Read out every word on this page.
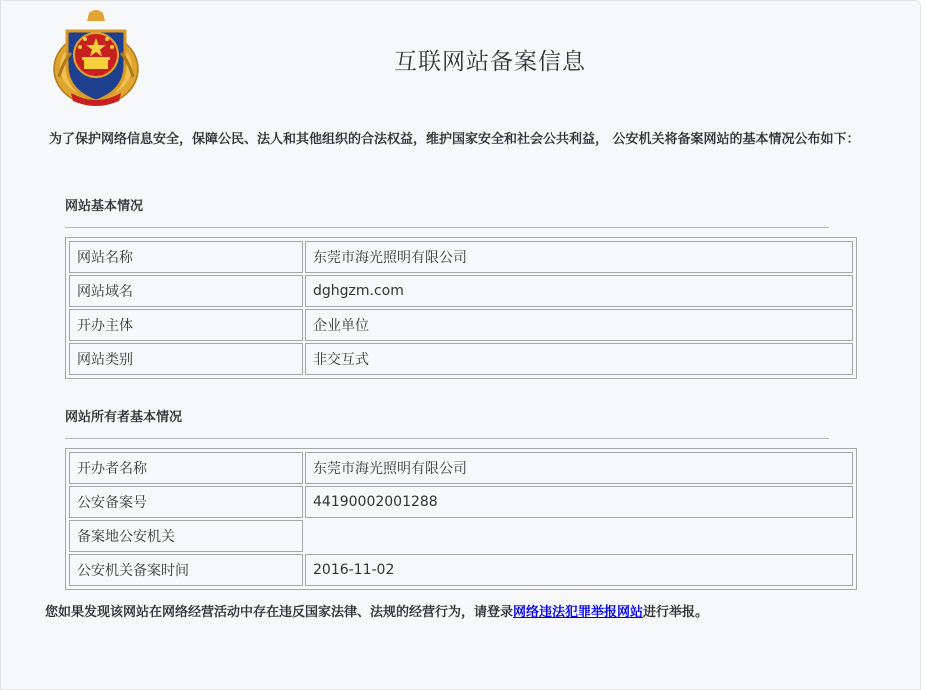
互联网站备案信息
为了保护网络信息安全，保障公民、法人和其他组织的合法权益，维护国家安全和社会公共利益， 公安机关将备案网站的基本情况公布如下：
网站基本情况
网站名称	东莞市海光照明有限公司
网站域名	dghgzm.com
开办主体	企业单位
网站类别	非交互式
网站所有者基本情况
开办者名称	东莞市海光照明有限公司
公安备案号	44190002001288
备案地公安机关
公安机关备案时间	2016-11-02
您如果发现该网站在网络经营活动中存在违反国家法律、法规的经营行为，请登录网络违法犯罪举报网站进行举报。
